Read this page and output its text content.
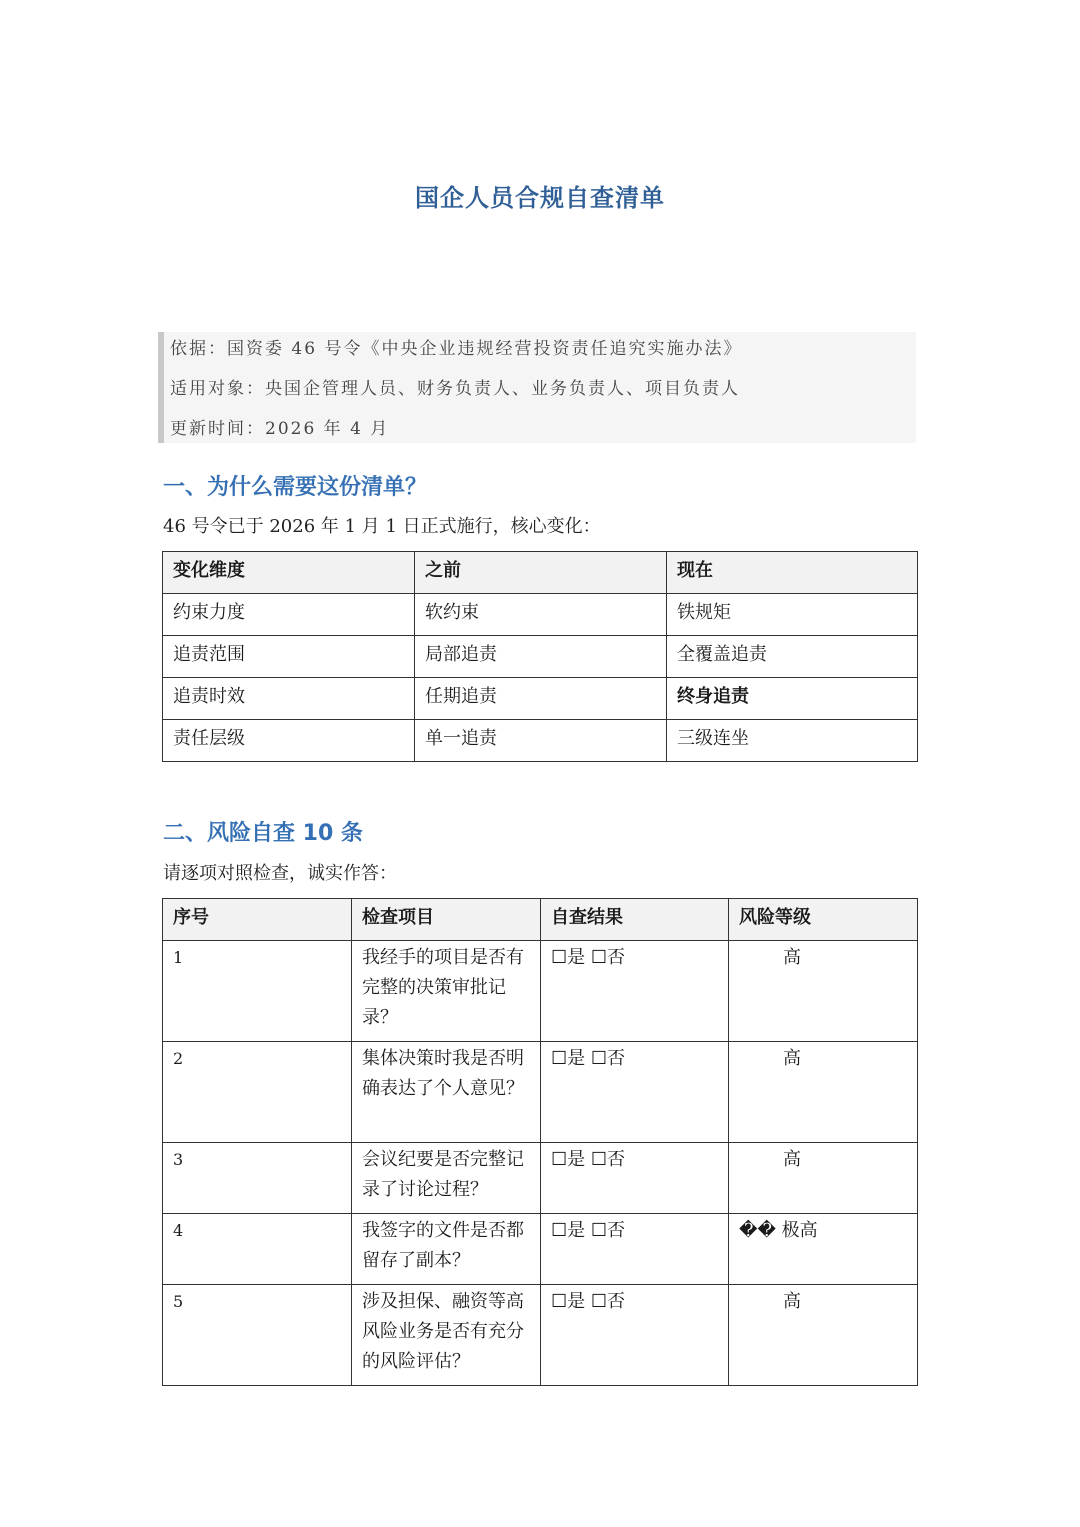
国企人员合规自查清单
依据：国资委 46 号令《中央企业违规经营投资责任追究实施办法》
适用对象：央国企管理人员、财务负责人、业务负责人、项目负责人
更新时间：2026 年 4 月
一、为什么需要这份清单？
46 号令已于 2026 年 1 月 1 日正式施行，核心变化：
变化维度	之前	现在
约束力度	软约束	铁规矩
追责范围	局部追责	全覆盖追责
追责时效	任期追责	终身追责
责任层级	单一追责	三级连坐
二、风险自查 10 条
请逐项对照检查，诚实作答：
序号	检查项目	自查结果	风险等级
1	我经手的项目是否有完整的决策审批记录？	☐是 ☐否	高
2	集体决策时我是否明确表达了个人意见？	☐是 ☐否	高
3	会议纪要是否完整记录了讨论过程？	☐是 ☐否	高
4	我签字的文件是否都留存了副本？	☐是 ☐否	�� 极高
5	涉及担保、融资等高风险业务是否有充分的风险评估？	☐是 ☐否	高
